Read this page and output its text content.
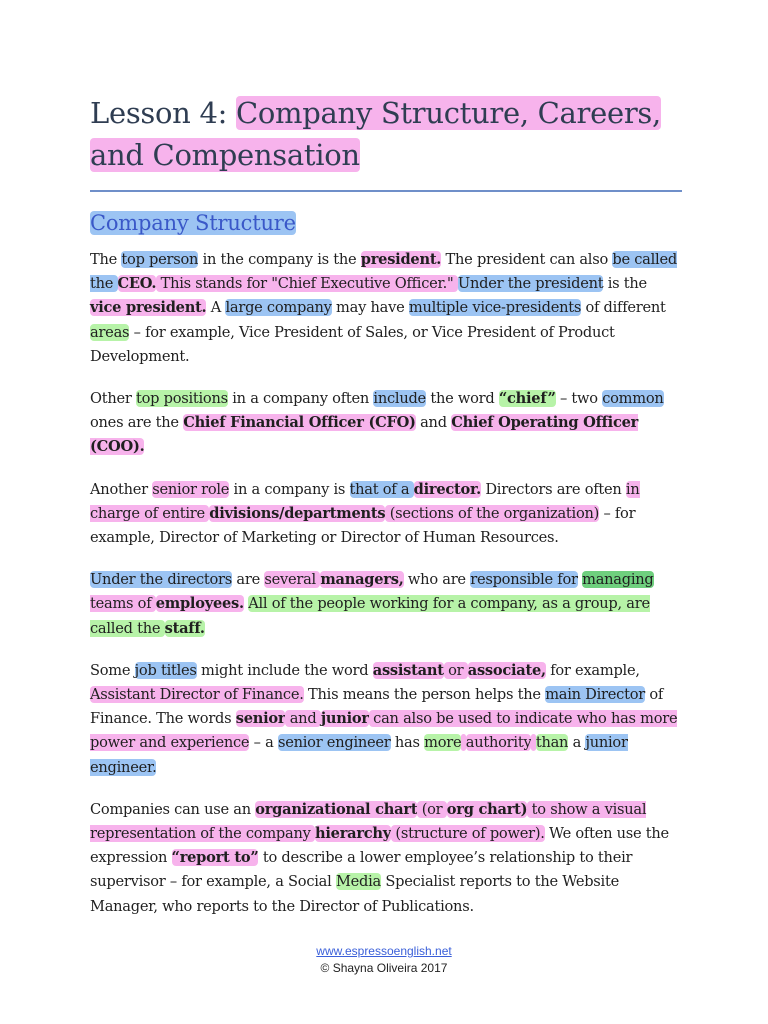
Lesson 4: Company Structure, Careers,
and Compensation
Company Structure

The top person in the company is the president. The president can also be called the CEO. This stands for "Chief Executive Officer." Under the president is the vice president. A large company may have multiple vice-presidents of different areas – for example, Vice President of Sales, or Vice President of Product Development.

Other top positions in a company often include the word “chief” – two common ones are the Chief Financial Officer (CFO) and Chief Operating Officer (COO).

Another senior role in a company is that of a director. Directors are often in charge of entire divisions/departments (sections of the organization) – for example, Director of Marketing or Director of Human Resources.

Under the directors are several managers, who are responsible for managing teams of employees. All of the people working for a company, as a group, are called the staff.

Some job titles might include the word assistant or associate, for example, Assistant Director of Finance. This means the person helps the main Director of Finance. The words senior and junior can also be used to indicate who has more power and experience – a senior engineer has more authority than a junior engineer.

Companies can use an organizational chart (or org chart) to show a visual representation of the company hierarchy (structure of power). We often use the expression “report to” to describe a lower employee’s relationship to their supervisor – for example, a Social Media Specialist reports to the Website Manager, who reports to the Director of Publications.

www.espressoenglish.net
© Shayna Oliveira 2017
